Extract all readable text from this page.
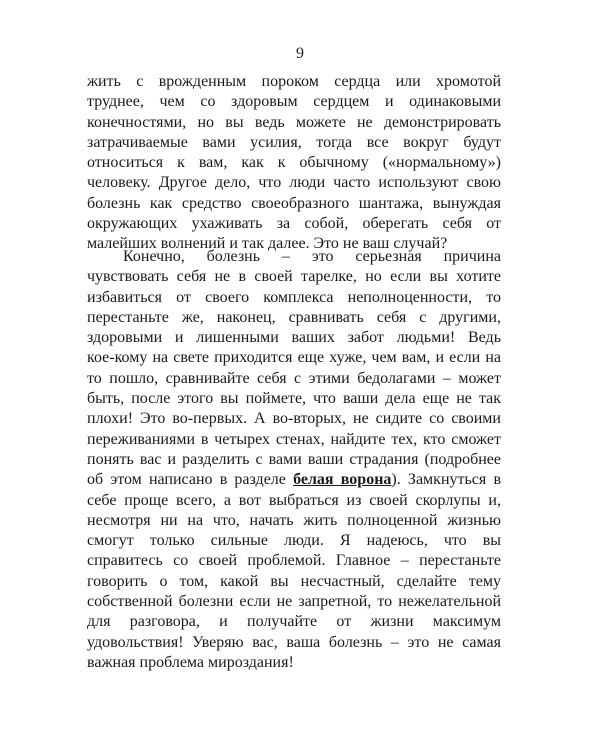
9
жить с врожденным пороком сердца или хромотой
труднее, чем со здоровым сердцем и одинаковыми
конечностями, но вы ведь можете не демонстрировать
затрачиваемые вами усилия, тогда все вокруг будут
относиться к вам, как к обычному («нормальному»)
человеку. Другое дело, что люди часто используют свою
болезнь как средство своеобразного шантажа, вынуждая
окружающих ухаживать за собой, оберегать себя от
малейших волнений и так далее. Это не ваш случай?
Конечно, болезнь – это серьезная причина
чувствовать себя не в своей тарелке, но если вы хотите
избавиться от своего комплекса неполноценности, то
перестаньте же, наконец, сравнивать себя с другими,
здоровыми и лишенными ваших забот людьми! Ведь
кое-кому на свете приходится еще хуже, чем вам, и если на
то пошло, сравнивайте себя с этими бедолагами – может
быть, после этого вы поймете, что ваши дела еще не так
плохи! Это во-первых. А во-вторых, не сидите со своими
переживаниями в четырех стенах, найдите тех, кто сможет
понять вас и разделить с вами ваши страдания (подробнее
об этом написано в разделе белая ворона). Замкнуться в
себе проще всего, а вот выбраться из своей скорлупы и,
несмотря ни на что, начать жить полноценной жизнью
смогут только сильные люди. Я надеюсь, что вы
справитесь со своей проблемой. Главное – перестаньте
говорить о том, какой вы несчастный, сделайте тему
собственной болезни если не запретной, то нежелательной
для разговора, и получайте от жизни максимум
удовольствия! Уверяю вас, ваша болезнь – это не самая
важная проблема мироздания!
